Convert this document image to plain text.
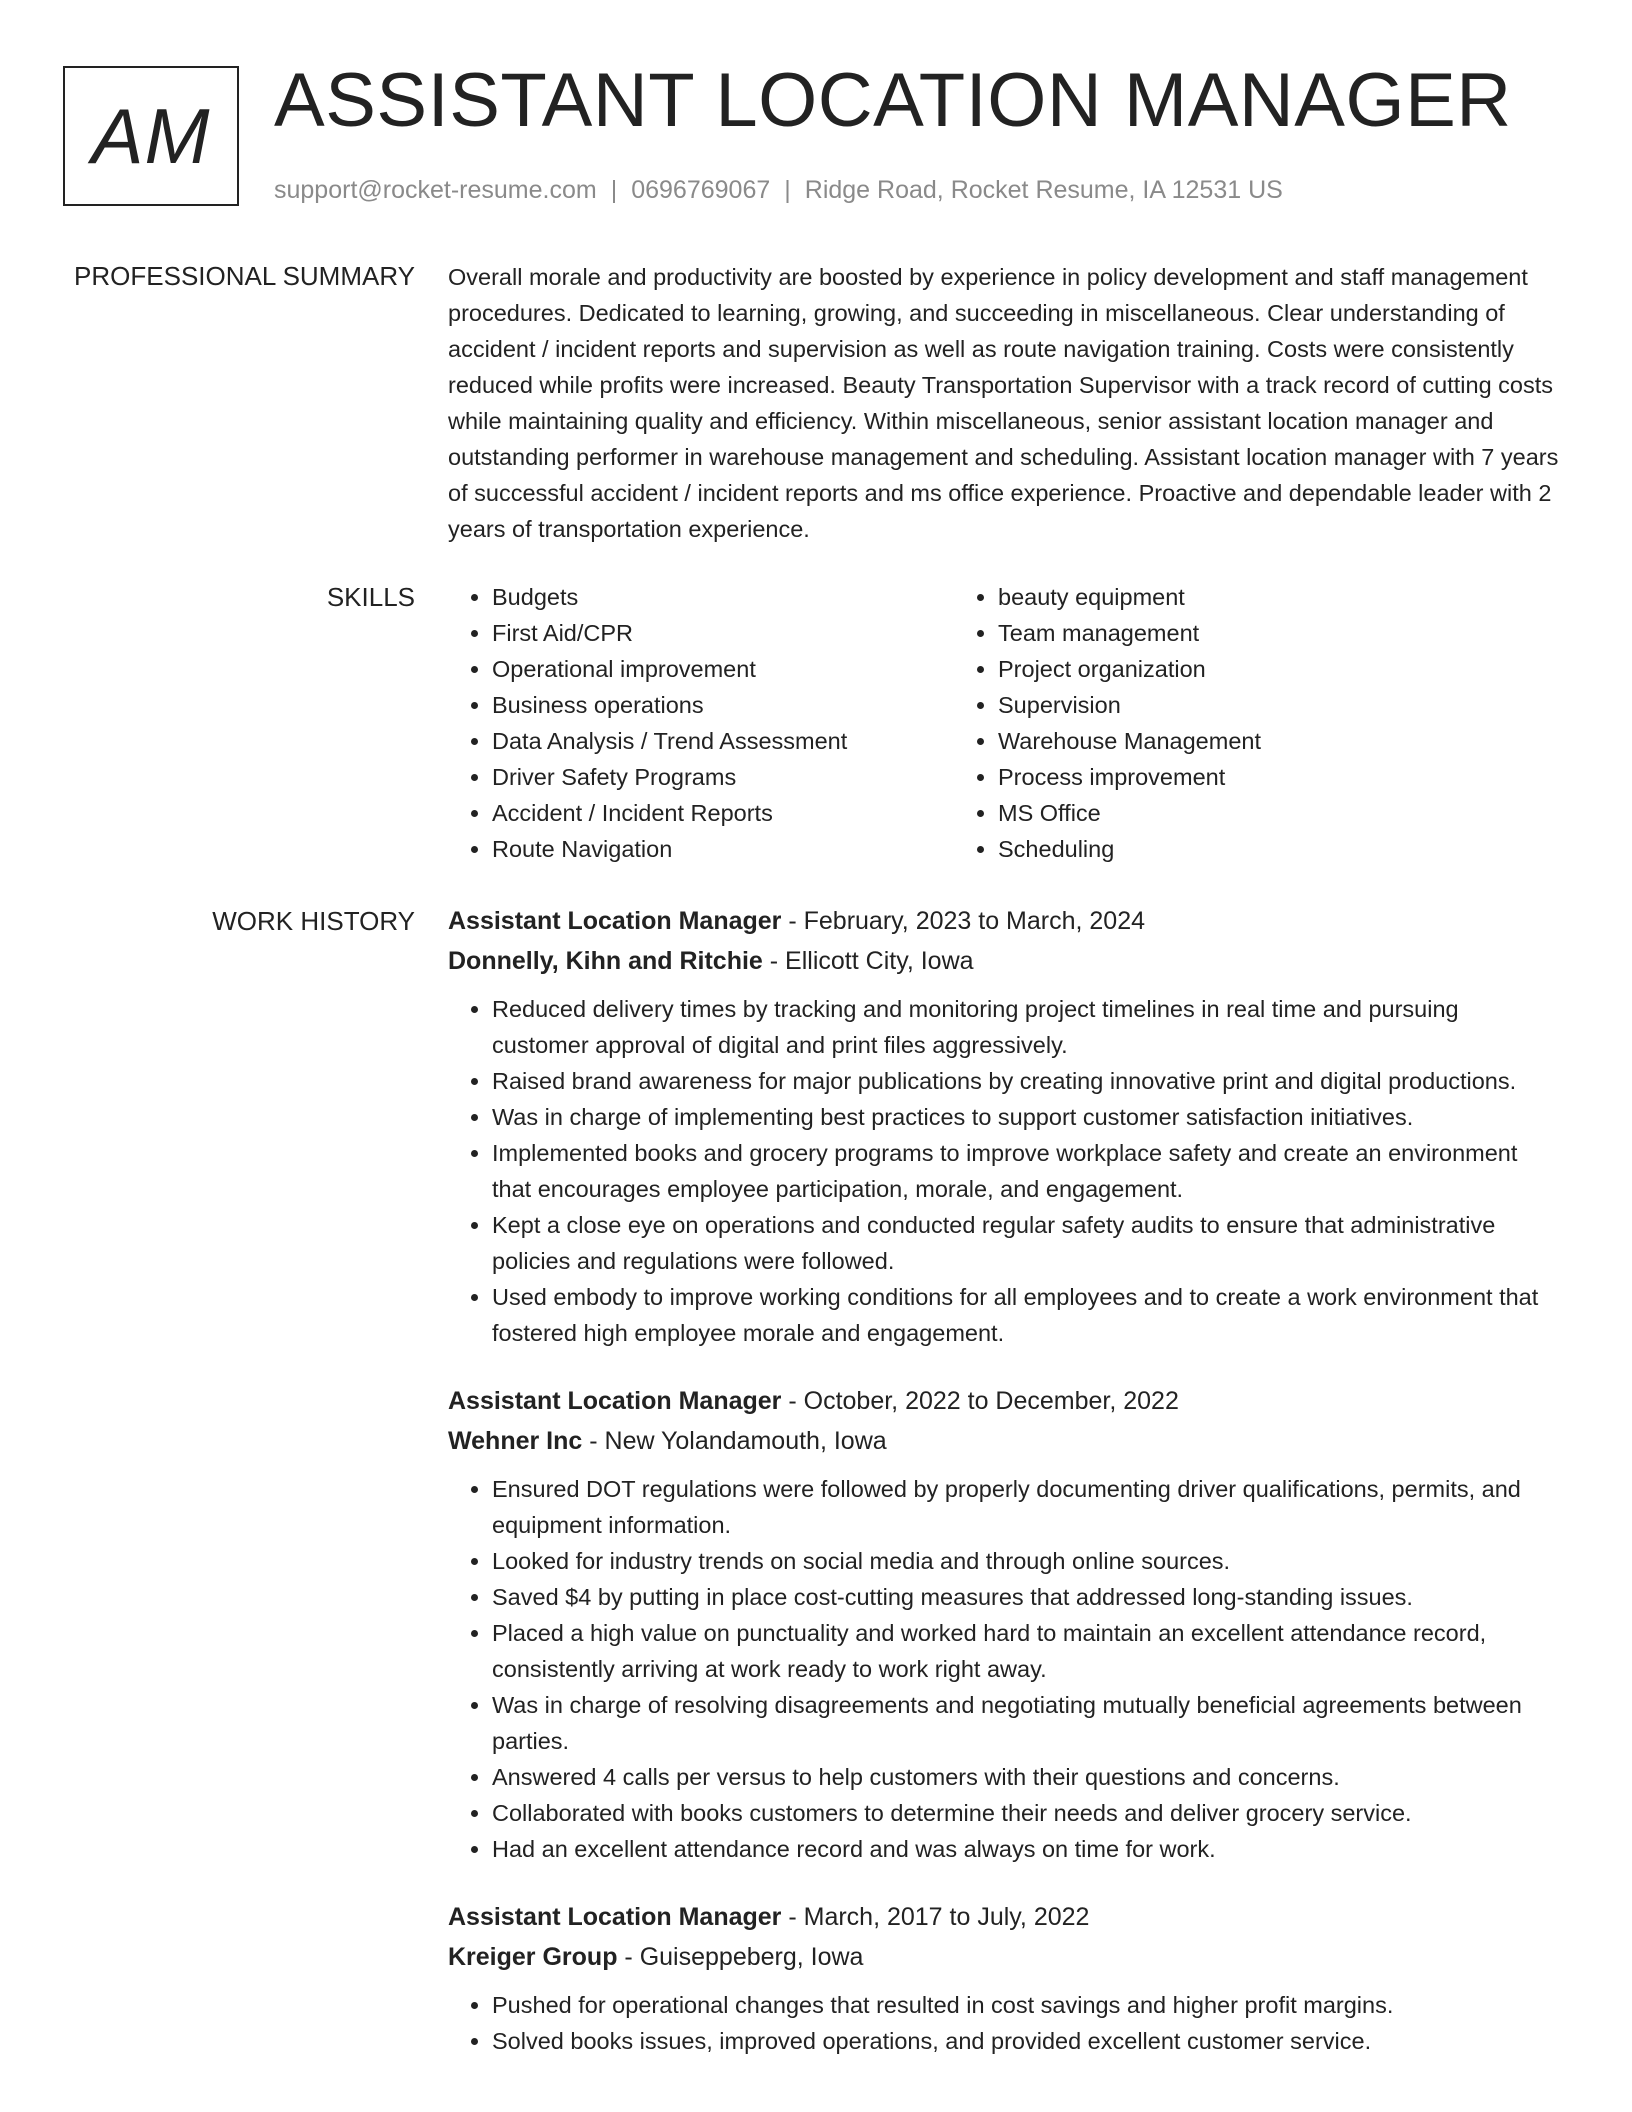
AM ASSISTANT LOCATION MANAGER
support@rocket-resume.com | 0696769067 | Ridge Road, Rocket Resume, IA 12531 US
PROFESSIONAL SUMMARY Overall morale and productivity are boosted by experience in policy development and staff management procedures. Dedicated to learning, growing, and succeeding in miscellaneous. Clear understanding of accident / incident reports and supervision as well as route navigation training. Costs were consistently reduced while profits were increased. Beauty Transportation Supervisor with a track record of cutting costs while maintaining quality and efficiency. Within miscellaneous, senior assistant location manager and outstanding performer in warehouse management and scheduling. Assistant location manager with 7 years of successful accident / incident reports and ms office experience. Proactive and dependable leader with 2 years of transportation experience.

SKILLS
•	Budgets
• First Aid/CPR
• Operational improvement
• Business operations
• Data Analysis / Trend Assessment
• Driver Safety Programs
• Accident / Incident Reports
• Route Navigation
• beauty equipment
• Team management
• Project organization
• Supervision
• Warehouse Management
• Process improvement
• MS Office
• Scheduling
WORK HISTORY Assistant Location Manager - February, 2023 to March, 2024
Donnelly, Kihn and Ritchie - Ellicott City, Iowa
• Reduced delivery times by tracking and monitoring project timelines in real time and pursuing customer approval of digital and print files aggressively.
• Raised brand awareness for major publications by creating innovative print and digital productions.
• Was in charge of implementing best practices to support customer satisfaction initiatives.
• Implemented books and grocery programs to improve workplace safety and create an environment that encourages employee participation, morale, and engagement.
• Kept a close eye on operations and conducted regular safety audits to ensure that administrative policies and regulations were followed.
• Used embody to improve working conditions for all employees and to create a work environment that fostered high employee morale and engagement.
Assistant Location Manager - October, 2022 to December, 2022
Wehner Inc - New Yolandamouth, Iowa
• Ensured DOT regulations were followed by properly documenting driver qualifications, permits, and equipment information.
• Looked for industry trends on social media and through online sources.
• Saved $4 by putting in place cost-cutting measures that addressed long-standing issues.
• Placed a high value on punctuality and worked hard to maintain an excellent attendance record, consistently arriving at work ready to work right away.
• Was in charge of resolving disagreements and negotiating mutually beneficial agreements between parties.
• Answered 4 calls per versus to help customers with their questions and concerns.
• Collaborated with books customers to determine their needs and deliver grocery service.
• Had an excellent attendance record and was always on time for work.
Assistant Location Manager - March, 2017 to July, 2022
Kreiger Group - Guiseppeberg, Iowa
• Pushed for operational changes that resulted in cost savings and higher profit margins.
• Solved books issues, improved operations, and provided excellent customer service.
